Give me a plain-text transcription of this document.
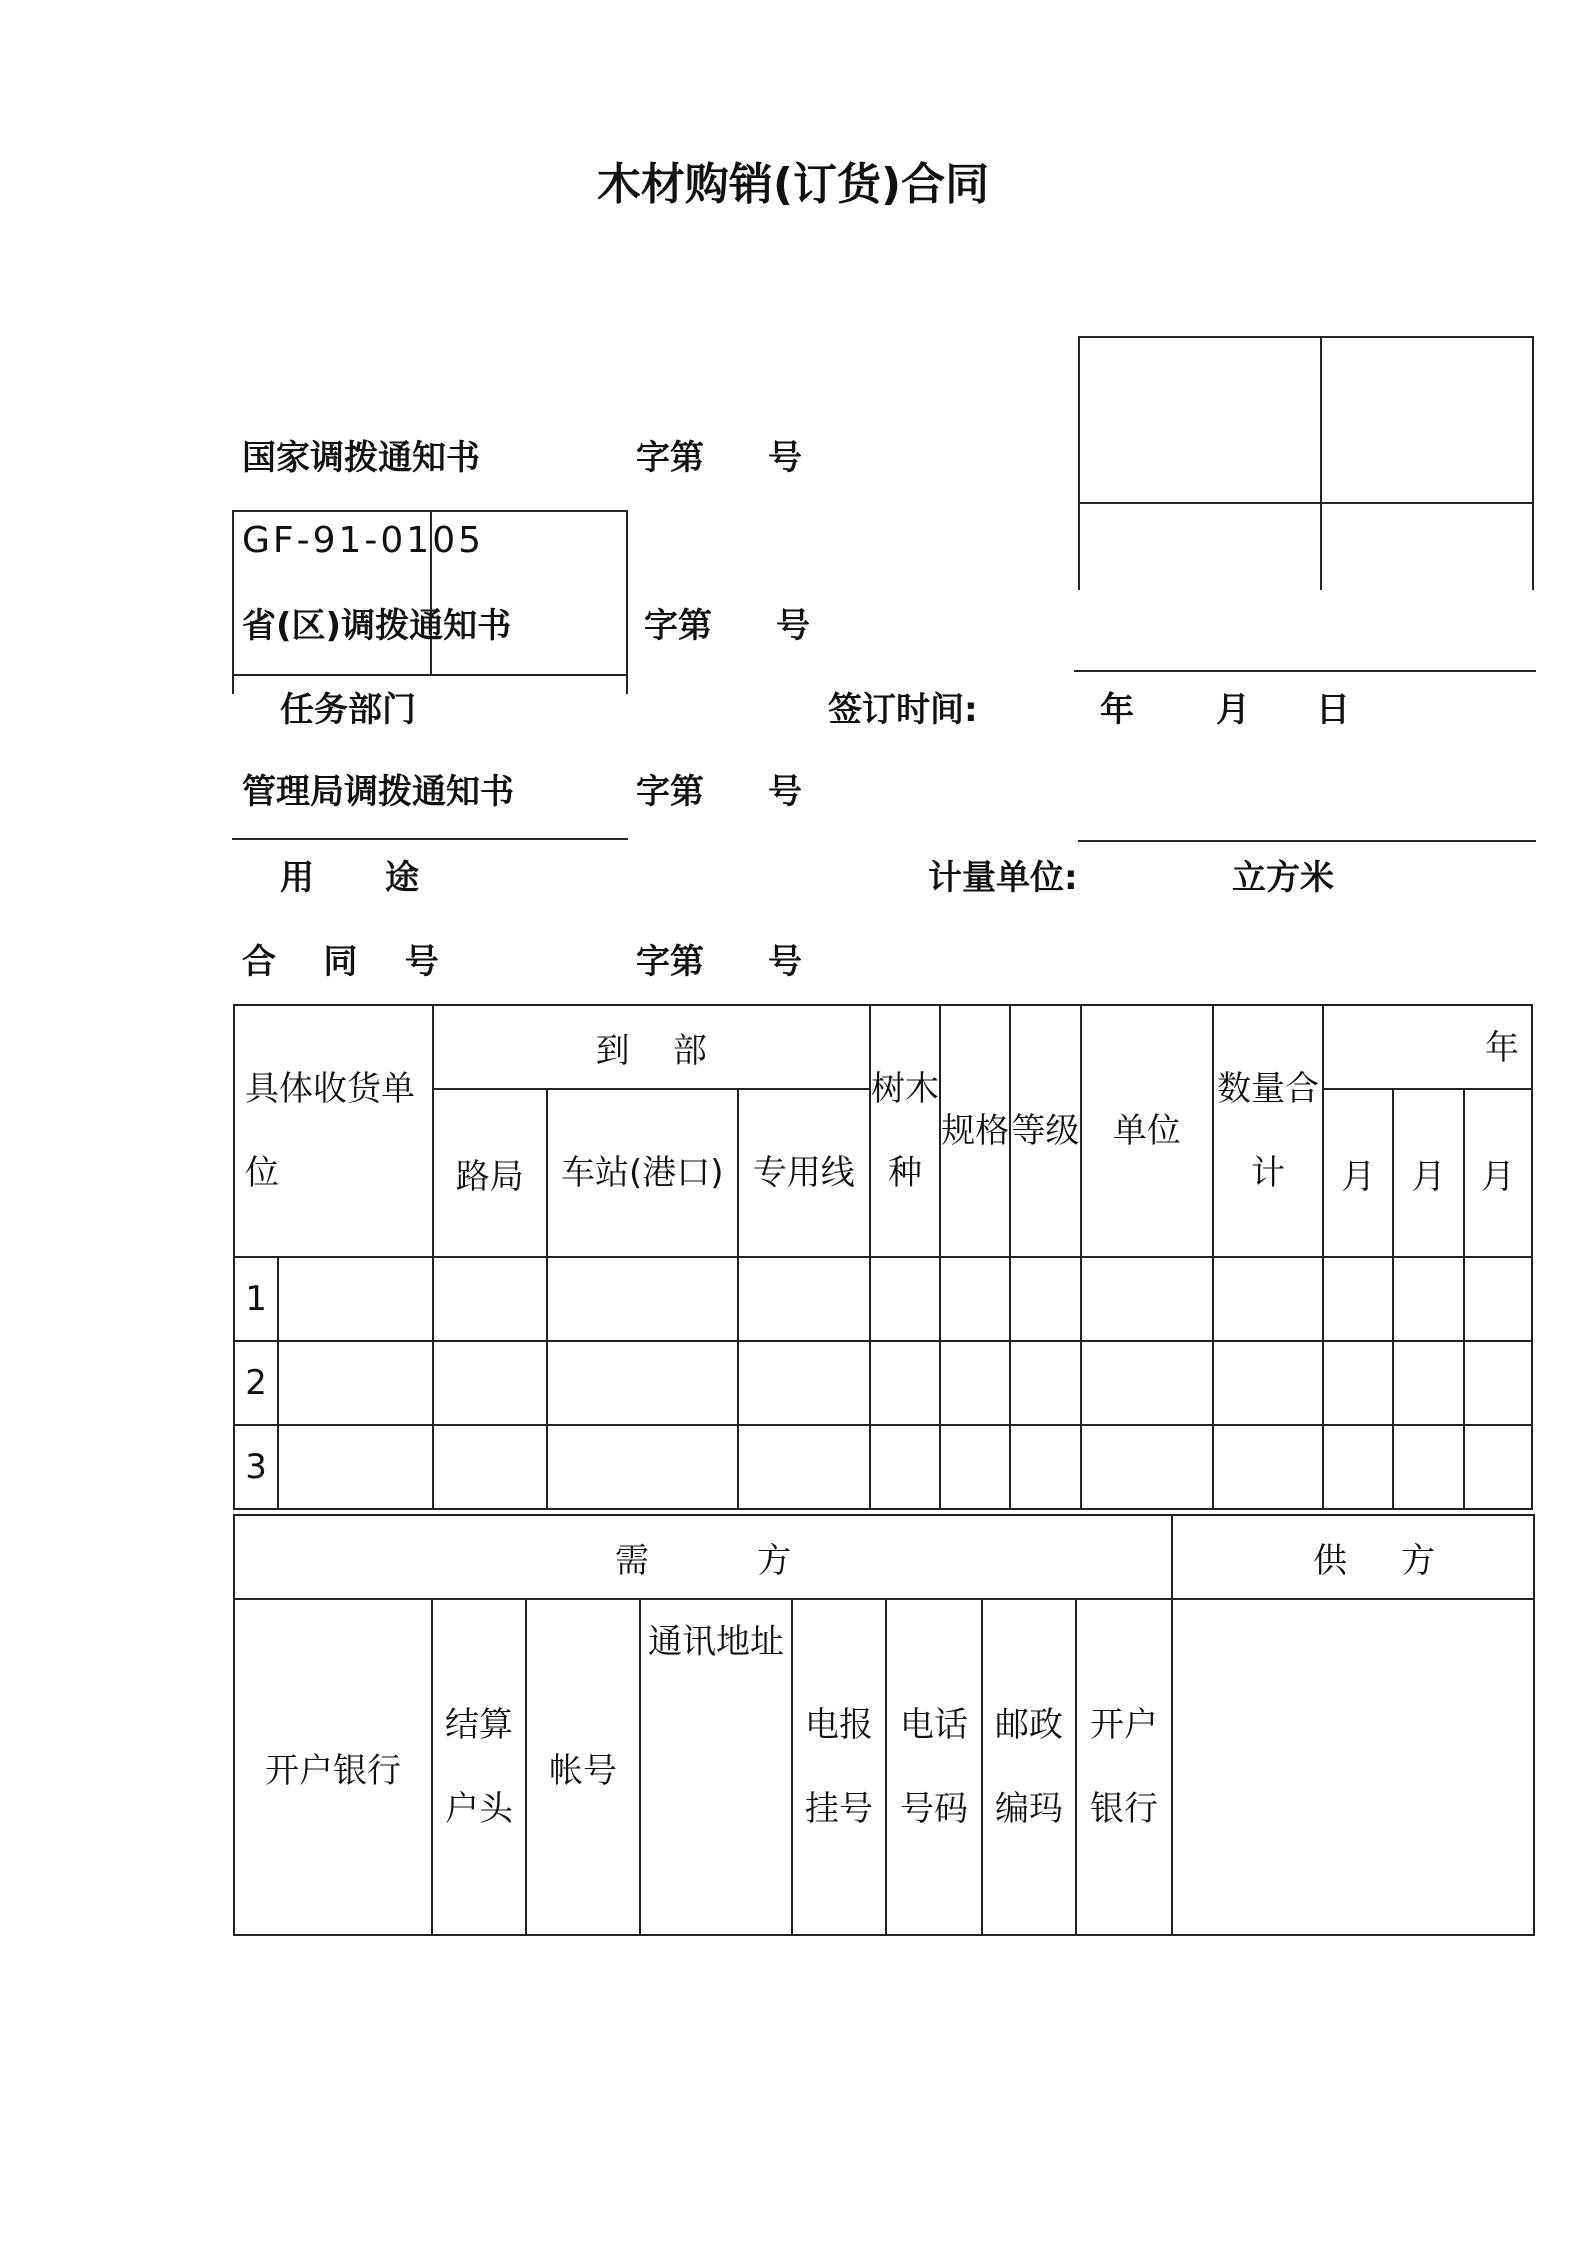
木材购销(订货)合同
国家调拨通知书	字第 号
GF-91-0105
省(区)调拨通知书	字第 号
任务部门	签订时间:	年 月 日
管理局调拨通知书	字第 号
用      途	计量单位:	立方米
合    同    号	字第 号
具体收货单位		到    部			树木种	规格	等级	单位	数量合计	年		
		路局	车站(港口)	专用线						月	月	月
1												
2												
3												
需          方								供     方
开户银行	结算户头	帐号	通讯地址	电报挂号	电话号码	邮政编玛	开户银行	
